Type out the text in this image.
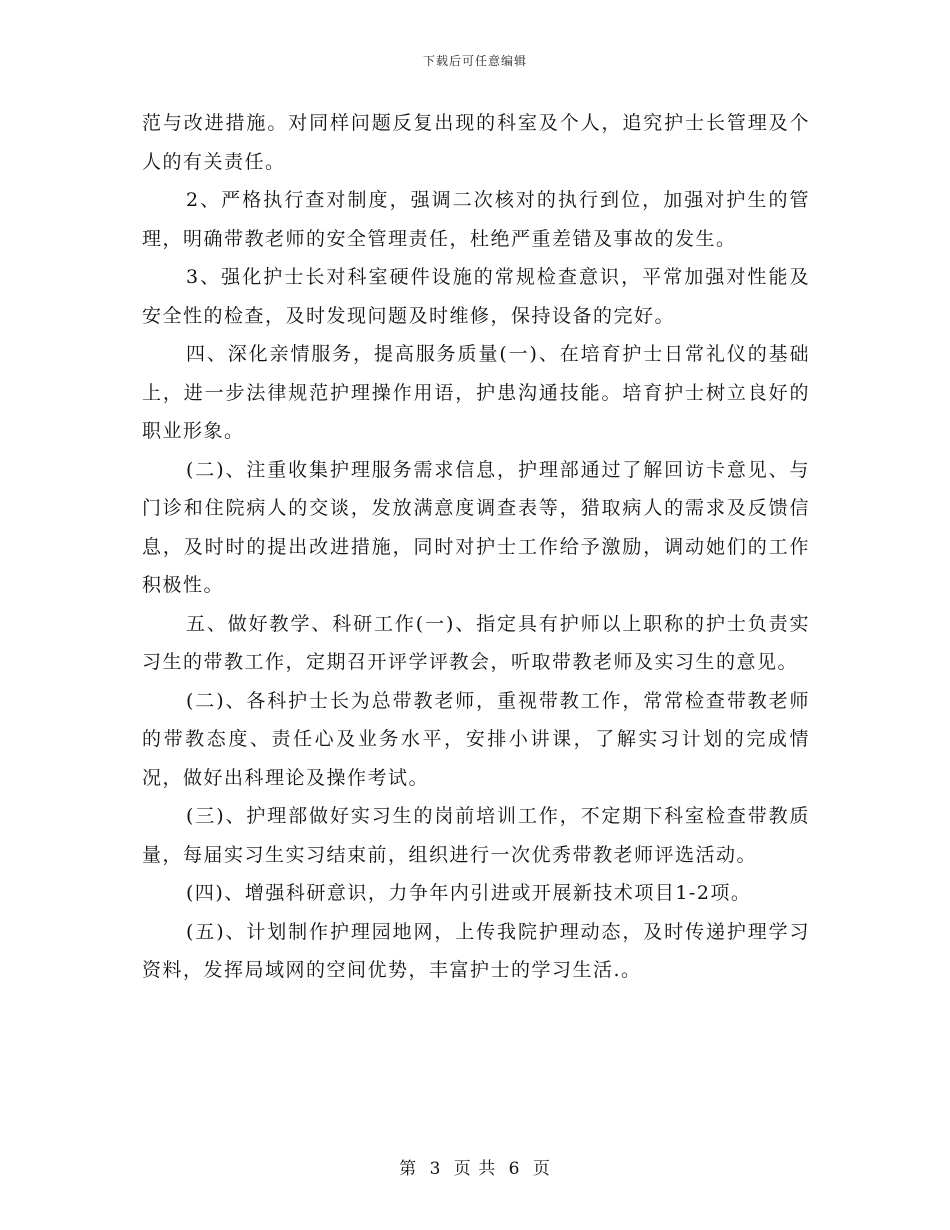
下载后可任意编辑

范与改进措施。对同样问题反复出现的科室及个人，追究护士长管理及个人的有关责任。

2、严格执行查对制度，强调二次核对的执行到位，加强对护生的管理，明确带教老师的安全管理责任，杜绝严重差错及事故的发生。

3、强化护士长对科室硬件设施的常规检查意识，平常加强对性能及安全性的检查，及时发现问题及时维修，保持设备的完好。

四、深化亲情服务，提高服务质量(一)、在培育护士日常礼仪的基础上，进一步法律规范护理操作用语，护患沟通技能。培育护士树立良好的职业形象。

(二)、注重收集护理服务需求信息，护理部通过了解回访卡意见、与门诊和住院病人的交谈，发放满意度调查表等，猎取病人的需求及反馈信息，及时时的提出改进措施，同时对护士工作给予激励，调动她们的工作积极性。

五、做好教学、科研工作(一)、指定具有护师以上职称的护士负责实习生的带教工作，定期召开评学评教会，听取带教老师及实习生的意见。

(二)、各科护士长为总带教老师，重视带教工作，常常检查带教老师的带教态度、责任心及业务水平，安排小讲课，了解实习计划的完成情况，做好出科理论及操作考试。

(三)、护理部做好实习生的岗前培训工作，不定期下科室检查带教质量，每届实习生实习结束前，组织进行一次优秀带教老师评选活动。

(四)、增强科研意识，力争年内引进或开展新技术项目1-2项。

(五)、计划制作护理园地网，上传我院护理动态，及时传递护理学习资料，发挥局域网的空间优势，丰富护士的学习生活.。

第 3 页 共 6 页
